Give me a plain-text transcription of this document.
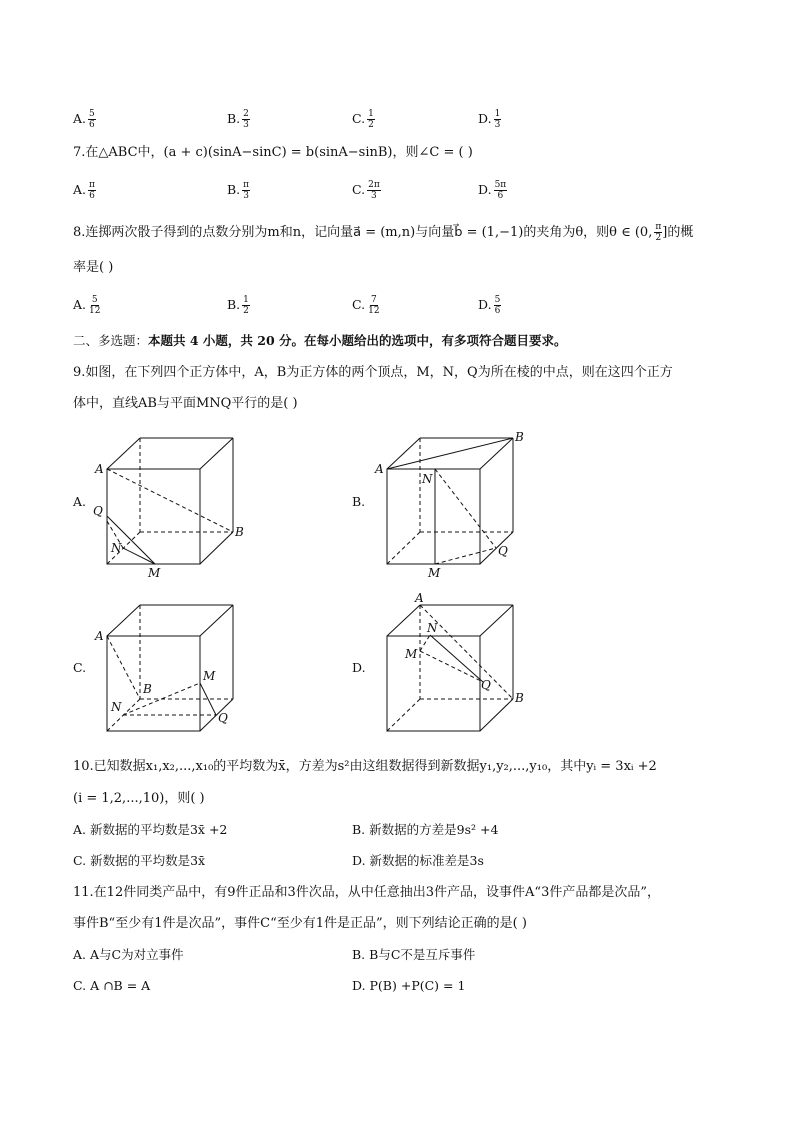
A. $\frac{5}{6}$	B. $\frac{2}{3}$	C. $\frac{1}{2}$	D. $\frac{1}{3}$
7.在△ABC中，(a + c)(sinA−sinC) = b(sinA−sinB)，则∠C = ( )
A. $\frac{\pi}{6}$	B. $\frac{\pi}{3}$	C. $\frac{2\pi}{3}$	D. $\frac{5\pi}{6}$
8.连掷两次骰子得到的点数分别为m和n，记向量a⃗ = (m,n)与向量b⃗ = (1,−1)的夹角为θ，则θ ∈ (0, $\frac{\pi}{2}$ ]的概
率是( )
A. $\frac{5}{12}$	B. $\frac{1}{2}$	C. $\frac{7}{12}$	D. $\frac{5}{6}$
二、多选题：本题共 4 小题，共 20 分。在每小题给出的选项中，有多项符合题目要求。
9.如图，在下列四个正方体中，A，B为正方体的两个顶点，M，N，Q为所在棱的中点，则在这四个正方
体中，直线AB与平面MNQ平行的是( )
A.	B.
C.	D.
A
B
Q
N
M
A
B
N
Q
M
A
B
M
N
Q
A
B
N
M
Q
10.已知数据x₁,x₂,...,x₁₀的平均数为x̄，方差为s²由这组数据得到新数据y₁,y₂,...,y₁₀，其中yᵢ = 3xᵢ +2
(i = 1,2,...,10)，则( )
A. 新数据的平均数是3x̄ +2	B. 新数据的方差是9s² +4
C. 新数据的平均数是3x̄	D. 新数据的标准差是3s
11.在12件同类产品中，有9件正品和3件次品，从中任意抽出3件产品，设事件A“3件产品都是次品”，
事件B“至少有1件是次品”，事件C“至少有1件是正品”，则下列结论正确的是( )
A. A与C为对立事件	B. B与C不是互斥事件
C. A ∩B = A	D. P(B) +P(C) = 1
